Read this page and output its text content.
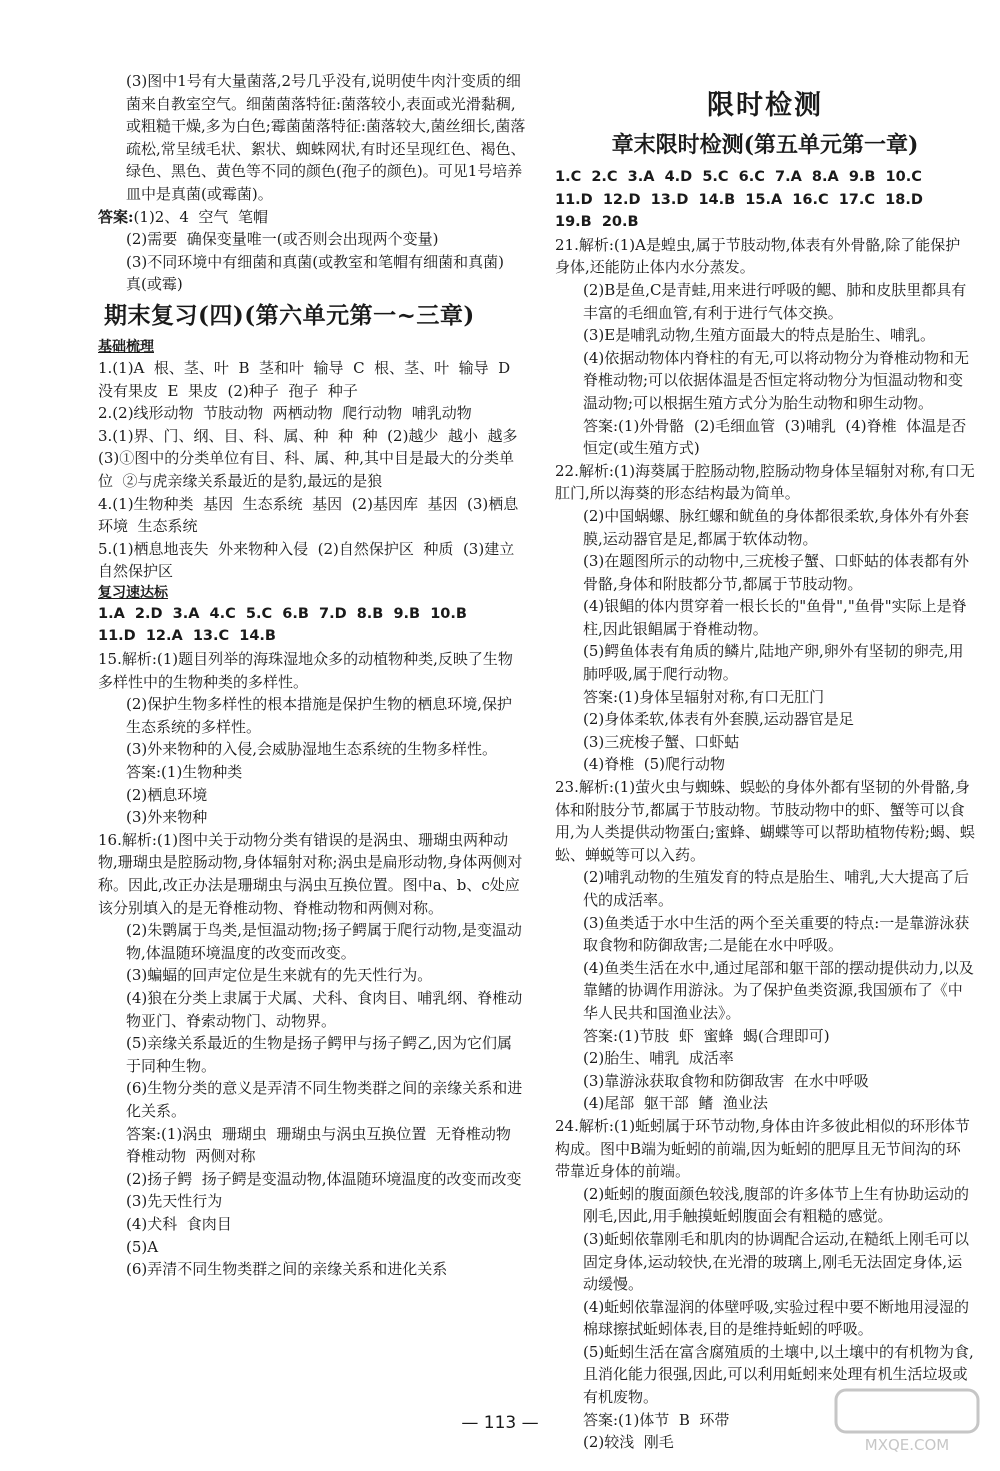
(3)图中1号有大量菌落,2号几乎没有,说明使牛肉汁变质的细菌来自教室空气。细菌菌落特征:菌落较小,表面或光滑黏稠,或粗糙干燥,多为白色;霉菌菌落特征:菌落较大,菌丝细长,菌落疏松,常呈绒毛状、絮状、蜘蛛网状,有时还呈现红色、褐色、绿色、黑色、黄色等不同的颜色(孢子的颜色)。可见1号培养皿中是真菌(或霉菌)。

答案:(1)2、4  空气  笔帽

(2)需要  确保变量唯一(或否则会出现两个变量)

(3)不同环境中有细菌和真菌(或教室和笔帽有细菌和真菌)  真(或霉)

期末复习(四)(第六单元第一~三章)
基础梳理

1.(1)A  根、茎、叶  B  茎和叶  输导  C  根、茎、叶  输导  D  没有果皮  E  果皮  (2)种子  孢子  种子

2.(2)线形动物  节肢动物  两栖动物  爬行动物  哺乳动物

3.(1)界、门、纲、目、科、属、种  种  种  (2)越少  越小  越多  (3)①图中的分类单位有目、科、属、种,其中目是最大的分类单位  ②与虎亲缘关系最近的是豹,最远的是狼

4.(1)生物种类  基因  生态系统  基因  (2)基因库  基因  (3)栖息环境  生态系统

5.(1)栖息地丧失  外来物种入侵  (2)自然保护区  种质  (3)建立自然保护区

复习速达标

1.A  2.D  3.A  4.C  5.C  6.B  7.D  8.B  9.B  10.B

11.D  12.A  13.C  14.B

15.解析:(1)题目列举的海珠湿地众多的动植物种类,反映了生物多样性中的生物种类的多样性。

(2)保护生物多样性的根本措施是保护生物的栖息环境,保护生态系统的多样性。

(3)外来物种的入侵,会威胁湿地生态系统的生物多样性。

答案:(1)生物种类

(2)栖息环境

(3)外来物种

16.解析:(1)图中关于动物分类有错误的是涡虫、珊瑚虫两种动物,珊瑚虫是腔肠动物,身体辐射对称;涡虫是扁形动物,身体两侧对称。因此,改正办法是珊瑚虫与涡虫互换位置。图中a、b、c处应该分别填入的是无脊椎动物、脊椎动物和两侧对称。

(2)朱鹮属于鸟类,是恒温动物;扬子鳄属于爬行动物,是变温动物,体温随环境温度的改变而改变。

(3)蝙蝠的回声定位是生来就有的先天性行为。

(4)狼在分类上隶属于犬属、犬科、食肉目、哺乳纲、脊椎动物亚门、脊索动物门、动物界。

(5)亲缘关系最近的生物是扬子鳄甲与扬子鳄乙,因为它们属于同种生物。

(6)生物分类的意义是弄清不同生物类群之间的亲缘关系和进化关系。

答案:(1)涡虫  珊瑚虫  珊瑚虫与涡虫互换位置  无脊椎动物  脊椎动物  两侧对称

(2)扬子鳄  扬子鳄是变温动物,体温随环境温度的改变而改变

(3)先天性行为

(4)犬科  食肉目

(5)A

(6)弄清不同生物类群之间的亲缘关系和进化关系

限时检测
章末限时检测(第五单元第一章)

1.C  2.C  3.A  4.D  5.C  6.C  7.A  8.A  9.B  10.C

11.D  12.D  13.D  14.B  15.A  16.C  17.C  18.D

19.B  20.B

21.解析:(1)A是蝗虫,属于节肢动物,体表有外骨骼,除了能保护身体,还能防止体内水分蒸发。

(2)B是鱼,C是青蛙,用来进行呼吸的鳃、肺和皮肤里都具有丰富的毛细血管,有利于进行气体交换。

(3)E是哺乳动物,生殖方面最大的特点是胎生、哺乳。

(4)依据动物体内脊柱的有无,可以将动物分为脊椎动物和无脊椎动物;可以依据体温是否恒定将动物分为恒温动物和变温动物;可以根据生殖方式分为胎生动物和卵生动物。

答案:(1)外骨骼  (2)毛细血管  (3)哺乳  (4)脊椎  体温是否恒定(或生殖方式)

22.解析:(1)海葵属于腔肠动物,腔肠动物身体呈辐射对称,有口无肛门,所以海葵的形态结构最为简单。

(2)中国蜗螺、脉红螺和鱿鱼的身体都很柔软,身体外有外套膜,运动器官是足,都属于软体动物。

(3)在题图所示的动物中,三疣梭子蟹、口虾蛄的体表都有外骨骼,身体和附肢都分节,都属于节肢动物。

(4)银鲳的体内贯穿着一根长长的"鱼骨","鱼骨"实际上是脊柱,因此银鲳属于脊椎动物。

(5)鳄鱼体表有角质的鳞片,陆地产卵,卵外有坚韧的卵壳,用肺呼吸,属于爬行动物。

答案:(1)身体呈辐射对称,有口无肛门

(2)身体柔软,体表有外套膜,运动器官是足

(3)三疣梭子蟹、口虾蛄

(4)脊椎  (5)爬行动物

23.解析:(1)萤火虫与蜘蛛、蜈蚣的身体外都有坚韧的外骨骼,身体和附肢分节,都属于节肢动物。节肢动物中的虾、蟹等可以食用,为人类提供动物蛋白;蜜蜂、蝴蝶等可以帮助植物传粉;蝎、蜈蚣、蝉蜕等可以入药。

(2)哺乳动物的生殖发育的特点是胎生、哺乳,大大提高了后代的成活率。

(3)鱼类适于水中生活的两个至关重要的特点:一是靠游泳获取食物和防御敌害;二是能在水中呼吸。

(4)鱼类生活在水中,通过尾部和躯干部的摆动提供动力,以及靠鳍的协调作用游泳。为了保护鱼类资源,我国颁布了《中华人民共和国渔业法》。

答案:(1)节肢  虾  蜜蜂  蝎(合理即可)

(2)胎生、哺乳  成活率

(3)靠游泳获取食物和防御敌害  在水中呼吸

(4)尾部  躯干部  鳍  渔业法

24.解析:(1)蚯蚓属于环节动物,身体由许多彼此相似的环形体节构成。图中B端为蚯蚓的前端,因为蚯蚓的肥厚且无节间沟的环带靠近身体的前端。

(2)蚯蚓的腹面颜色较浅,腹部的许多体节上生有协助运动的刚毛,因此,用手触摸蚯蚓腹面会有粗糙的感觉。

(3)蚯蚓依靠刚毛和肌肉的协调配合运动,在糙纸上刚毛可以固定身体,运动较快,在光滑的玻璃上,刚毛无法固定身体,运动缓慢。

(4)蚯蚓依靠湿润的体壁呼吸,实验过程中要不断地用浸湿的棉球擦拭蚯蚓体表,目的是维持蚯蚓的呼吸。

(5)蚯蚓生活在富含腐殖质的土壤中,以土壤中的有机物为食,且消化能力很强,因此,可以利用蚯蚓来处理有机生活垃圾或有机废物。

答案:(1)体节  B  环带

(2)较浅  刚毛

— 113 —
MXQE.COM
